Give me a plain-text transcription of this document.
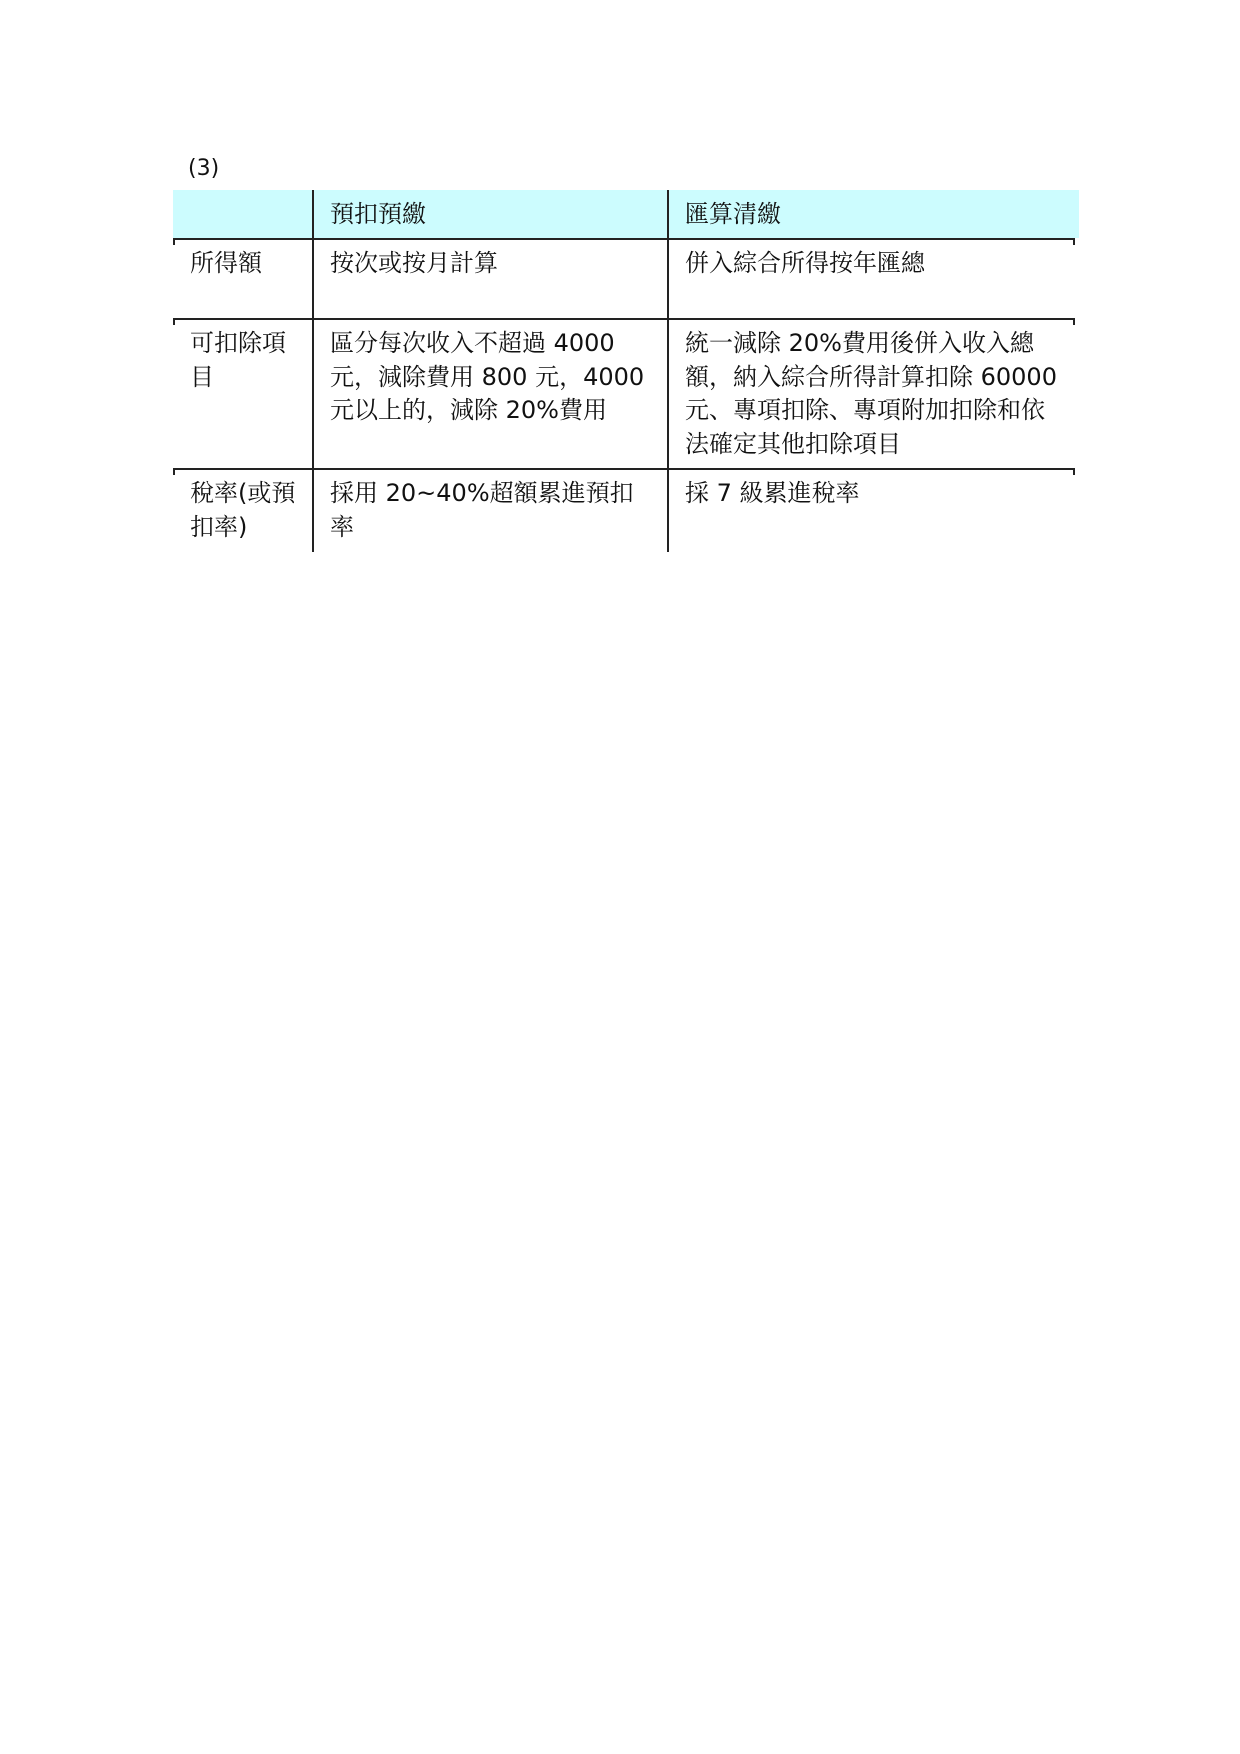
(3)

	預扣預繳	匯算清繳

所得額	按次或按月計算	併入綜合所得按年匯總

可扣除項目	區分每次收入不超過 4000 元，減除費用 800 元，4000 元以上的，減除 20%費用	統一減除 20%費用後併入收入總額，納入綜合所得計算扣除 60000 元、專項扣除、專項附加扣除和依法確定其他扣除項目

稅率(或預扣率)	採用 20~40%超額累進預扣率	採 7 級累進稅率
